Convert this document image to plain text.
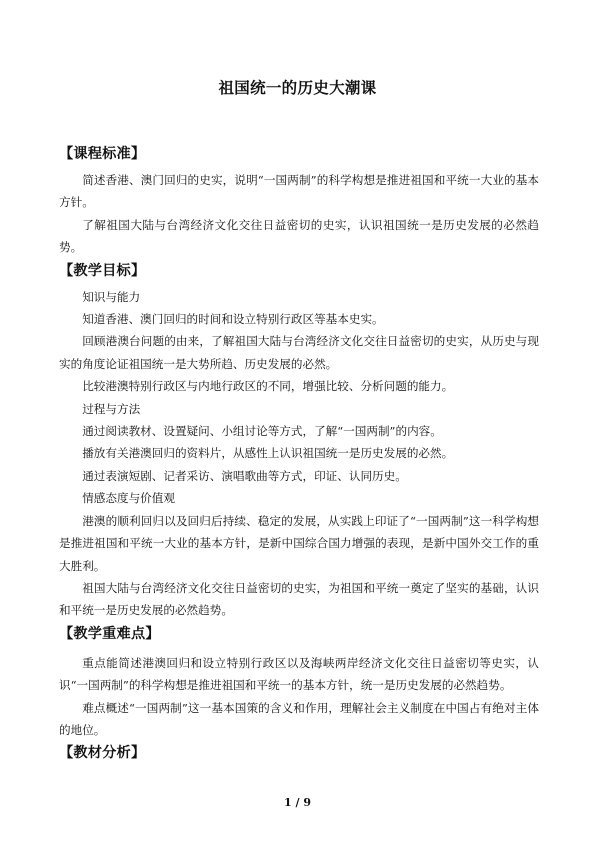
祖国统一的历史大潮课
【课程标准】

简述香港、澳门回归的史实，说明“一国两制”的科学构想是推进祖国和平统一大业的基本方针。

了解祖国大陆与台湾经济文化交往日益密切的史实，认识祖国统一是历史发展的必然趋势。

【教学目标】

知识与能力

知道香港、澳门回归的时间和设立特别行政区等基本史实。

回顾港澳台问题的由来，了解祖国大陆与台湾经济文化交往日益密切的史实，从历史与现实的角度论证祖国统一是大势所趋、历史发展的必然。

比较港澳特别行政区与内地行政区的不同，增强比较、分析问题的能力。

过程与方法

通过阅读教材、设置疑问、小组讨论等方式，了解“一国两制”的内容。

播放有关港澳回归的资料片，从感性上认识祖国统一是历史发展的必然。

通过表演短剧、记者采访、演唱歌曲等方式，印证、认同历史。

情感态度与价值观

港澳的顺利回归以及回归后持续、稳定的发展，从实践上印证了“一国两制”这一科学构想是推进祖国和平统一大业的基本方针，是新中国综合国力增强的表现，是新中国外交工作的重大胜利。

祖国大陆与台湾经济文化交往日益密切的史实，为祖国和平统一奠定了坚实的基础，认识和平统一是历史发展的必然趋势。

【教学重难点】

重点能简述港澳回归和设立特别行政区以及海峡两岸经济文化交往日益密切等史实，认识“一国两制”的科学构想是推进祖国和平统一的基本方针，统一是历史发展的必然趋势。

难点概述“一国两制”这一基本国策的含义和作用，理解社会主义制度在中国占有绝对主体的地位。

【教材分析】
1 / 9
